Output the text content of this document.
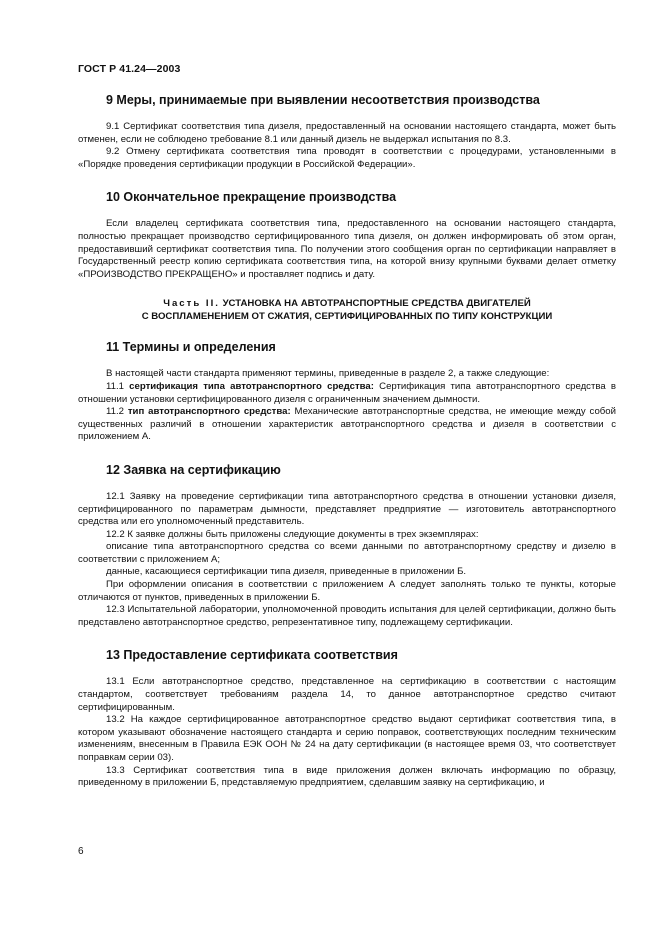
ГОСТ Р 41.24—2003
9 Меры, принимаемые при выявлении несоответствия производства

9.1 Сертификат соответствия типа дизеля, предоставленный на основании настоящего стандарта, может быть отменен, если не соблюдено требование 8.1 или данный дизель не выдержал испытания по 8.3.

9.2 Отмену сертификата соответствия типа проводят в соответствии с процедурами, установленными в «Порядке проведения сертификации продукции в Российской Федерации».

10 Окончательное прекращение производства

Если владелец сертификата соответствия типа, предоставленного на основании настоящего стандарта, полностью прекращает производство сертифицированного типа дизеля, он должен информировать об этом орган, предоставивший сертификат соответствия типа. По получении этого сообщения орган по сертификации направляет в Государственный реестр копию сертификата соответствия типа, на которой внизу крупными буквами делает отметку «ПРОИЗВОДСТВО ПРЕКРАЩЕНО» и проставляет подпись и дату.

Часть II. УСТАНОВКА НА АВТОТРАНСПОРТНЫЕ СРЕДСТВА ДВИГАТЕЛЕЙ
С ВОСПЛАМЕНЕНИЕМ ОТ СЖАТИЯ, СЕРТИФИЦИРОВАННЫХ ПО ТИПУ КОНСТРУКЦИИ
11 Термины и определения

В настоящей части стандарта применяют термины, приведенные в разделе 2, а также следующие:

11.1 сертификация типа автотранспортного средства: Сертификация типа автотранспортного средства в отношении установки сертифицированного дизеля с ограниченным значением дымности.

11.2 тип автотранспортного средства: Механические автотранспортные средства, не имеющие между собой существенных различий в отношении характеристик автотранспортного средства и дизеля в соответствии с приложением А.

12 Заявка на сертификацию

12.1 Заявку на проведение сертификации типа автотранспортного средства в отношении установки дизеля, сертифицированного по параметрам дымности, представляет предприятие — изготовитель автотранспортного средства или его уполномоченный представитель.

12.2 К заявке должны быть приложены следующие документы в трех экземплярах:

описание типа автотранспортного средства со всеми данными по автотранспортному средству и дизелю в соответствии с приложением А;

данные, касающиеся сертификации типа дизеля, приведенные в приложении Б.

При оформлении описания в соответствии с приложением А следует заполнять только те пункты, которые отличаются от пунктов, приведенных в приложении Б.

12.3 Испытательной лаборатории, уполномоченной проводить испытания для целей сертификации, должно быть представлено автотранспортное средство, репрезентативное типу, подлежащему сертификации.

13 Предоставление сертификата соответствия

13.1 Если автотранспортное средство, представленное на сертификацию в соответствии с настоящим стандартом, соответствует требованиям раздела 14, то данное автотранспортное средство считают сертифицированным.

13.2 На каждое сертифицированное автотранспортное средство выдают сертификат соответствия типа, в котором указывают обозначение настоящего стандарта и серию поправок, соответствующих последним техническим изменениям, внесенным в Правила ЕЭК ООН № 24 на дату сертификации (в настоящее время 03, что соответствует поправкам серии 03).

13.3 Сертификат соответствия типа в виде приложения должен включать информацию по образцу, приведенному в приложении Б, представляемую предприятием, сделавшим заявку на сертификацию, и

6
